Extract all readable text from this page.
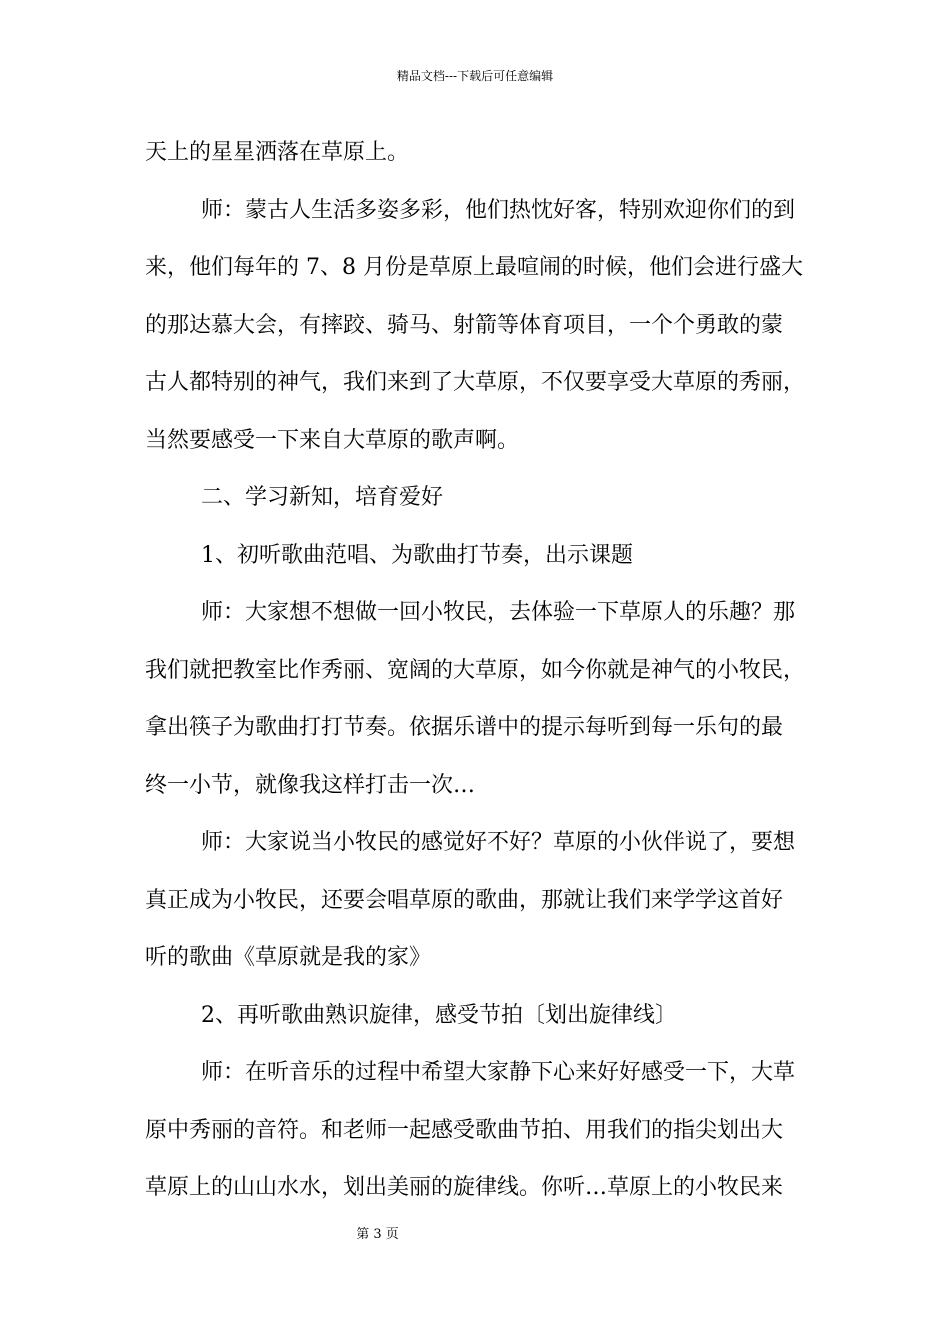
精品文档---下载后可任意编辑
天上的星星洒落在草原上。
师：蒙古人生活多姿多彩，他们热忱好客，特别欢迎你们的到
来，他们每年的 7、8 月份是草原上最喧闹的时候，他们会进行盛大
的那达慕大会，有摔跤、骑马、射箭等体育项目，一个个勇敢的蒙
古人都特别的神气，我们来到了大草原，不仅要享受大草原的秀丽，
当然要感受一下来自大草原的歌声啊。
二、学习新知，培育爱好
1、初听歌曲范唱、为歌曲打节奏，出示课题
师：大家想不想做一回小牧民，去体验一下草原人的乐趣？那
我们就把教室比作秀丽、宽阔的大草原，如今你就是神气的小牧民，
拿出筷子为歌曲打打节奏。依据乐谱中的提示每听到每一乐句的最
终一小节，就像我这样打击一次…
师：大家说当小牧民的感觉好不好？草原的小伙伴说了，要想
真正成为小牧民，还要会唱草原的歌曲，那就让我们来学学这首好
听的歌曲《草原就是我的家》
2、再听歌曲熟识旋律，感受节拍〔划出旋律线〕
师：在听音乐的过程中希望大家静下心来好好感受一下，大草
原中秀丽的音符。和老师一起感受歌曲节拍、用我们的指尖划出大
草原上的山山水水，划出美丽的旋律线。你听…草原上的小牧民来
第 3 页
